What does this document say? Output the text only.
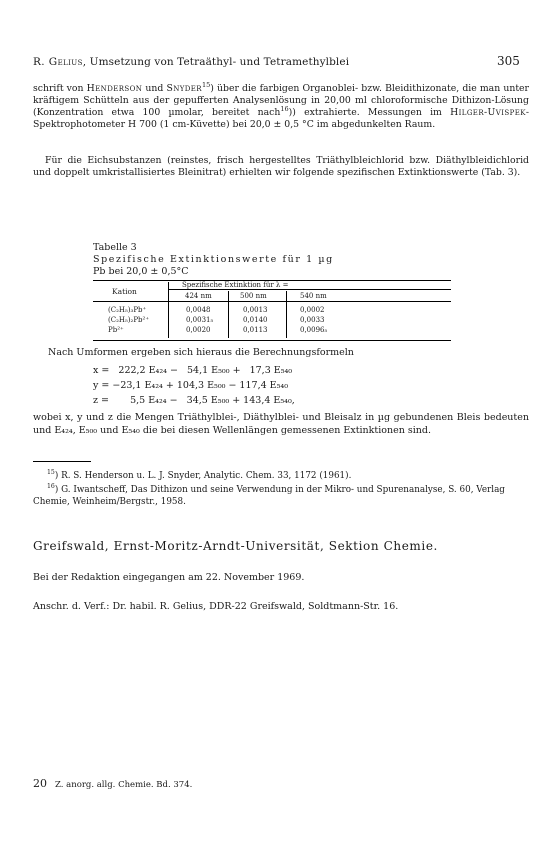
R. Gelius, Umsetzung von Tetraäthyl- und Tetramethylblei	305
schrift von Henderson und Snyder$^{15}$) über die farbigen Organoblei- bzw. Bleidithizonate, die man unter kräftigem Schütteln aus der gepufferten Analysenlösung in 20,00 ml chloroformische Dithizon-Lösung (Konzentration etwa 100 µmolar, bereitet nach$^{16}$)) extrahierte. Messungen im Hilger-Uvispek-Spektrophotometer H 700 (1 cm-Küvette) bei 20,0 ± 0,5 °C im abgedunkelten Raum.
Für die Eichsubstanzen (reinstes, frisch hergestelltes Triäthylbleichlorid bzw. Diäthylbleidichlorid und doppelt umkristallisiertes Bleinitrat) erhielten wir folgende spezifischen Extinktionswerte (Tab. 3).
Tabelle 3
Spezifische Extinktionswerte für 1 µg
Pb bei 20,0 ± 0,5°C
Kation
Spezifische Extinktion für λ =
424 nm	500 nm	540 nm
(C₂H₅)₃Pb⁺	0,0048	0,0013	0,0002
(C₂H₅)₂Pb²⁺	0,0031₅	0,0140	0,0033
Pb²⁺	0,0020	0,0113	0,0096₅
Nach Umformen ergeben sich hieraus die Berechnungsformeln
x =   222,2 E₄₂₄ −   54,1 E₅₀₀ +   17,3 E₅₄₀
y = −23,1 E₄₂₄ + 104,3 E₅₀₀ − 117,4 E₅₄₀
z =       5,5 E₄₂₄ −   34,5 E₅₀₀ + 143,4 E₅₄₀,
wobei x, y und z die Mengen Triäthylblei-, Diäthylblei- und Bleisalz in µg gebundenen Bleis bedeuten und E₄₂₄, E₅₀₀ und E₅₄₀ die bei diesen Wellenlängen gemessenen Extinktionen sind.
$^{15}$) R. S. Henderson u. L. J. Snyder, Analytic. Chem. 33, 1172 (1961).
$^{16}$) G. Iwantscheff, Das Dithizon und seine Verwendung in der Mikro- und Spurenanalyse, S. 60, Verlag Chemie, Weinheim/Bergstr., 1958.
Greifswald, Ernst-Moritz-Arndt-Universität, Sektion Chemie.
Bei der Redaktion eingegangen am 22. November 1969.
Anschr. d. Verf.: Dr. habil. R. Gelius, DDR-22 Greifswald, Soldtmann-Str. 16.
20 Z. anorg. allg. Chemie. Bd. 374.
